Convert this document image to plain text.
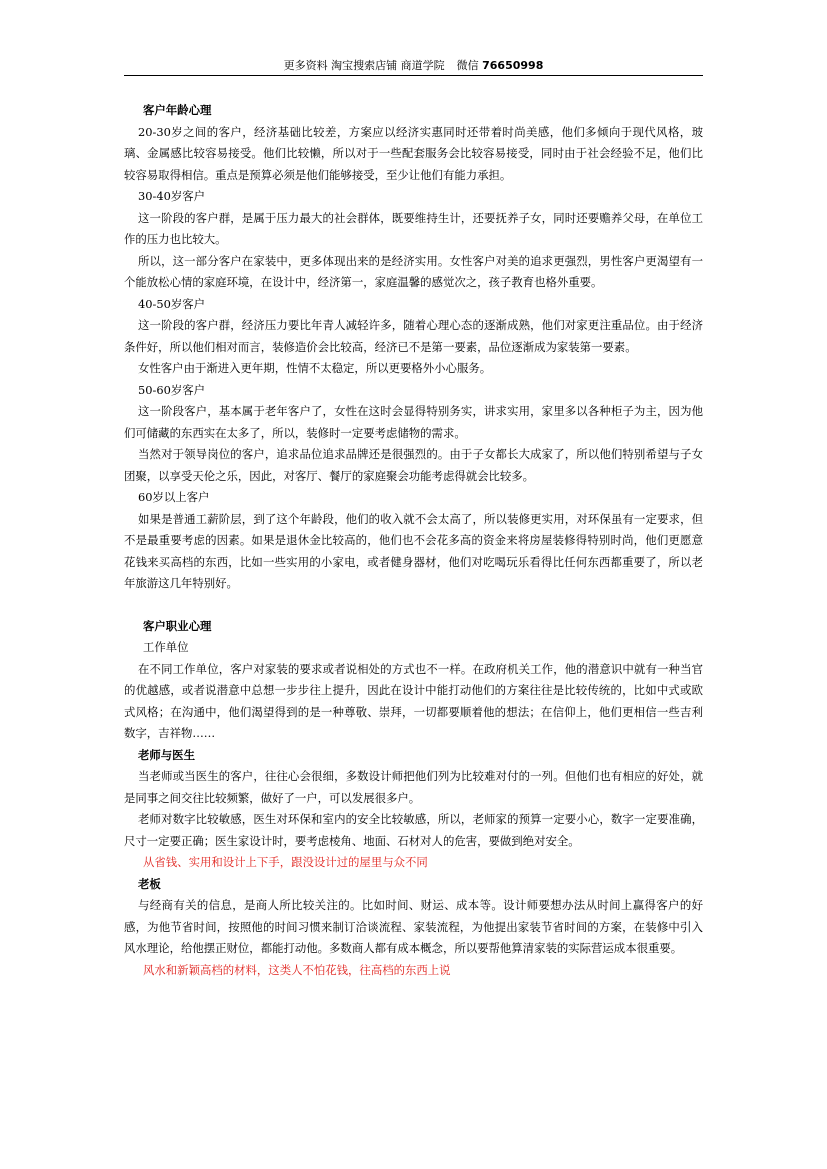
更多资料 淘宝搜索店铺 商道学院 微信 76650998
客户年龄心理

20-30岁之间的客户，经济基础比较差，方案应以经济实惠同时还带着时尚美感，他们多倾向于现代风格，玻璃、金属感比较容易接受。他们比较懒，所以对于一些配套服务会比较容易接受，同时由于社会经验不足，他们比较容易取得相信。重点是预算必须是他们能够接受，至少让他们有能力承担。

30-40岁客户

这一阶段的客户群，是属于压力最大的社会群体，既要维持生计，还要抚养子女，同时还要赡养父母，在单位工作的压力也比较大。

所以，这一部分客户在家装中，更多体现出来的是经济实用。女性客户对美的追求更强烈，男性客户更渴望有一个能放松心情的家庭环境，在设计中，经济第一，家庭温馨的感觉次之，孩子教育也格外重要。

40-50岁客户

这一阶段的客户群，经济压力要比年青人减轻许多，随着心理心态的逐渐成熟，他们对家更注重品位。由于经济条件好，所以他们相对而言，装修造价会比较高，经济已不是第一要素，品位逐渐成为家装第一要素。

女性客户由于渐进入更年期，性情不太稳定，所以更要格外小心服务。

50-60岁客户

这一阶段客户，基本属于老年客户了，女性在这时会显得特别务实，讲求实用，家里多以各种柜子为主，因为他们可储藏的东西实在太多了，所以，装修时一定要考虑储物的需求。

当然对于领导岗位的客户，追求品位追求品牌还是很强烈的。由于子女都长大成家了，所以他们特别希望与子女团聚，以享受天伦之乐，因此，对客厅、餐厅的家庭聚会功能考虑得就会比较多。

60岁以上客户

如果是普通工薪阶层，到了这个年龄段，他们的收入就不会太高了，所以装修更实用，对环保虽有一定要求，但不是最重要考虑的因素。如果是退休金比较高的，他们也不会花多高的资金来将房屋装修得特别时尚，他们更愿意花钱来买高档的东西，比如一些实用的小家电，或者健身器材，他们对吃喝玩乐看得比任何东西都重要了，所以老年旅游这几年特别好。

客户职业心理
工作单位

在不同工作单位，客户对家装的要求或者说相处的方式也不一样。在政府机关工作，他的潜意识中就有一种当官的优越感，或者说潜意中总想一步步往上提升，因此在设计中能打动他们的方案往往是比较传统的，比如中式或欧式风格；在沟通中，他们渴望得到的是一种尊敬、崇拜，一切都要顺着他的想法；在信仰上，他们更相信一些吉利数字，吉祥物……

老师与医生

当老师或当医生的客户，往往心会很细，多数设计师把他们列为比较难对付的一列。但他们也有相应的好处，就是同事之间交往比较频繁，做好了一户，可以发展很多户。

老师对数字比较敏感，医生对环保和室内的安全比较敏感，所以，老师家的预算一定要小心，数字一定要准确，尺寸一定要正确；医生家设计时，要考虑棱角、地面、石材对人的危害，要做到绝对安全。

从省钱、实用和设计上下手，跟没设计过的屋里与众不同
老板

与经商有关的信息，是商人所比较关注的。比如时间、财运、成本等。设计师要想办法从时间上赢得客户的好感，为他节省时间，按照他的时间习惯来制订洽谈流程、家装流程，为他提出家装节省时间的方案，在装修中引入风水理论，给他摆正财位，都能打动他。多数商人都有成本概念，所以要帮他算清家装的实际营运成本很重要。

风水和新颖高档的材料，这类人不怕花钱，往高档的东西上说
